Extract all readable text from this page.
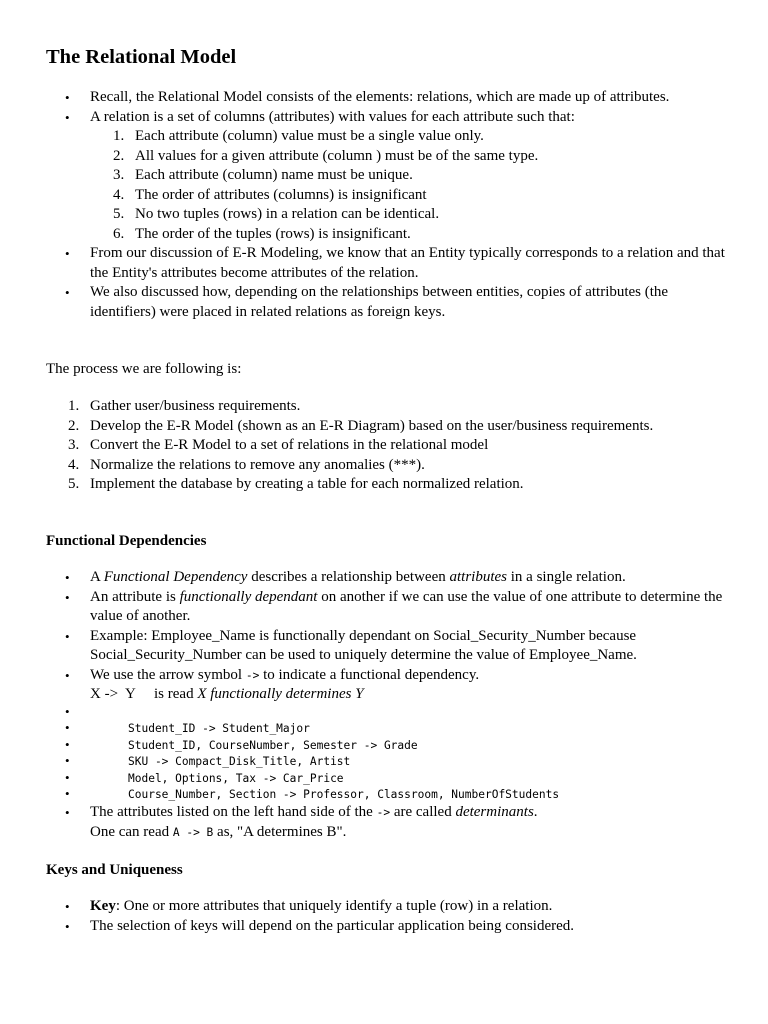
The Relational Model
• Recall, the Relational Model consists of the elements: relations, which are made up of attributes.
• A relation is a set of columns (attributes) with values for each attribute such that:
1. Each attribute (column) value must be a single value only.
2. All values for a given attribute (column ) must be of the same type.
3. Each attribute (column) name must be unique.
4. The order of attributes (columns) is insignificant
5. No two tuples (rows) in a relation can be identical.
6. The order of the tuples (rows) is insignificant.
• From our discussion of E-R Modeling, we know that an Entity typically corresponds to a relation and that the Entity's attributes become attributes of the relation.
• We also discussed how, depending on the relationships between entities, copies of attributes (the identifiers) were placed in related relations as foreign keys.

The process we are following is:

1. Gather user/business requirements.
2. Develop the E-R Model (shown as an E-R Diagram) based on the user/business requirements.
3. Convert the E-R Model to a set of relations in the relational model
4. Normalize the relations to remove any anomalies (***).
5. Implement the database by creating a table for each normalized relation.
Functional Dependencies
• A Functional Dependency describes a relationship between attributes in a single relation.
• An attribute is functionally dependant on another if we can use the value of one attribute to determine the value of another.
• Example: Employee_Name is functionally dependant on Social_Security_Number because Social_Security_Number can be used to uniquely determine the value of Employee_Name.
• We use the arrow symbol -> to indicate a functional dependency.
X ->  Y     is read X functionally determines Y
•
• Student_ID -> Student_Major
• Student_ID, CourseNumber, Semester -> Grade
• SKU -> Compact_Disk_Title, Artist
• Model, Options, Tax -> Car_Price
• Course_Number, Section -> Professor, Classroom, NumberOfStudents
• The attributes listed on the left hand side of the -> are called determinants.
One can read A -> B as, "A determines B".
Keys and Uniqueness
• Key: One or more attributes that uniquely identify a tuple (row) in a relation.
• The selection of keys will depend on the particular application being considered.
